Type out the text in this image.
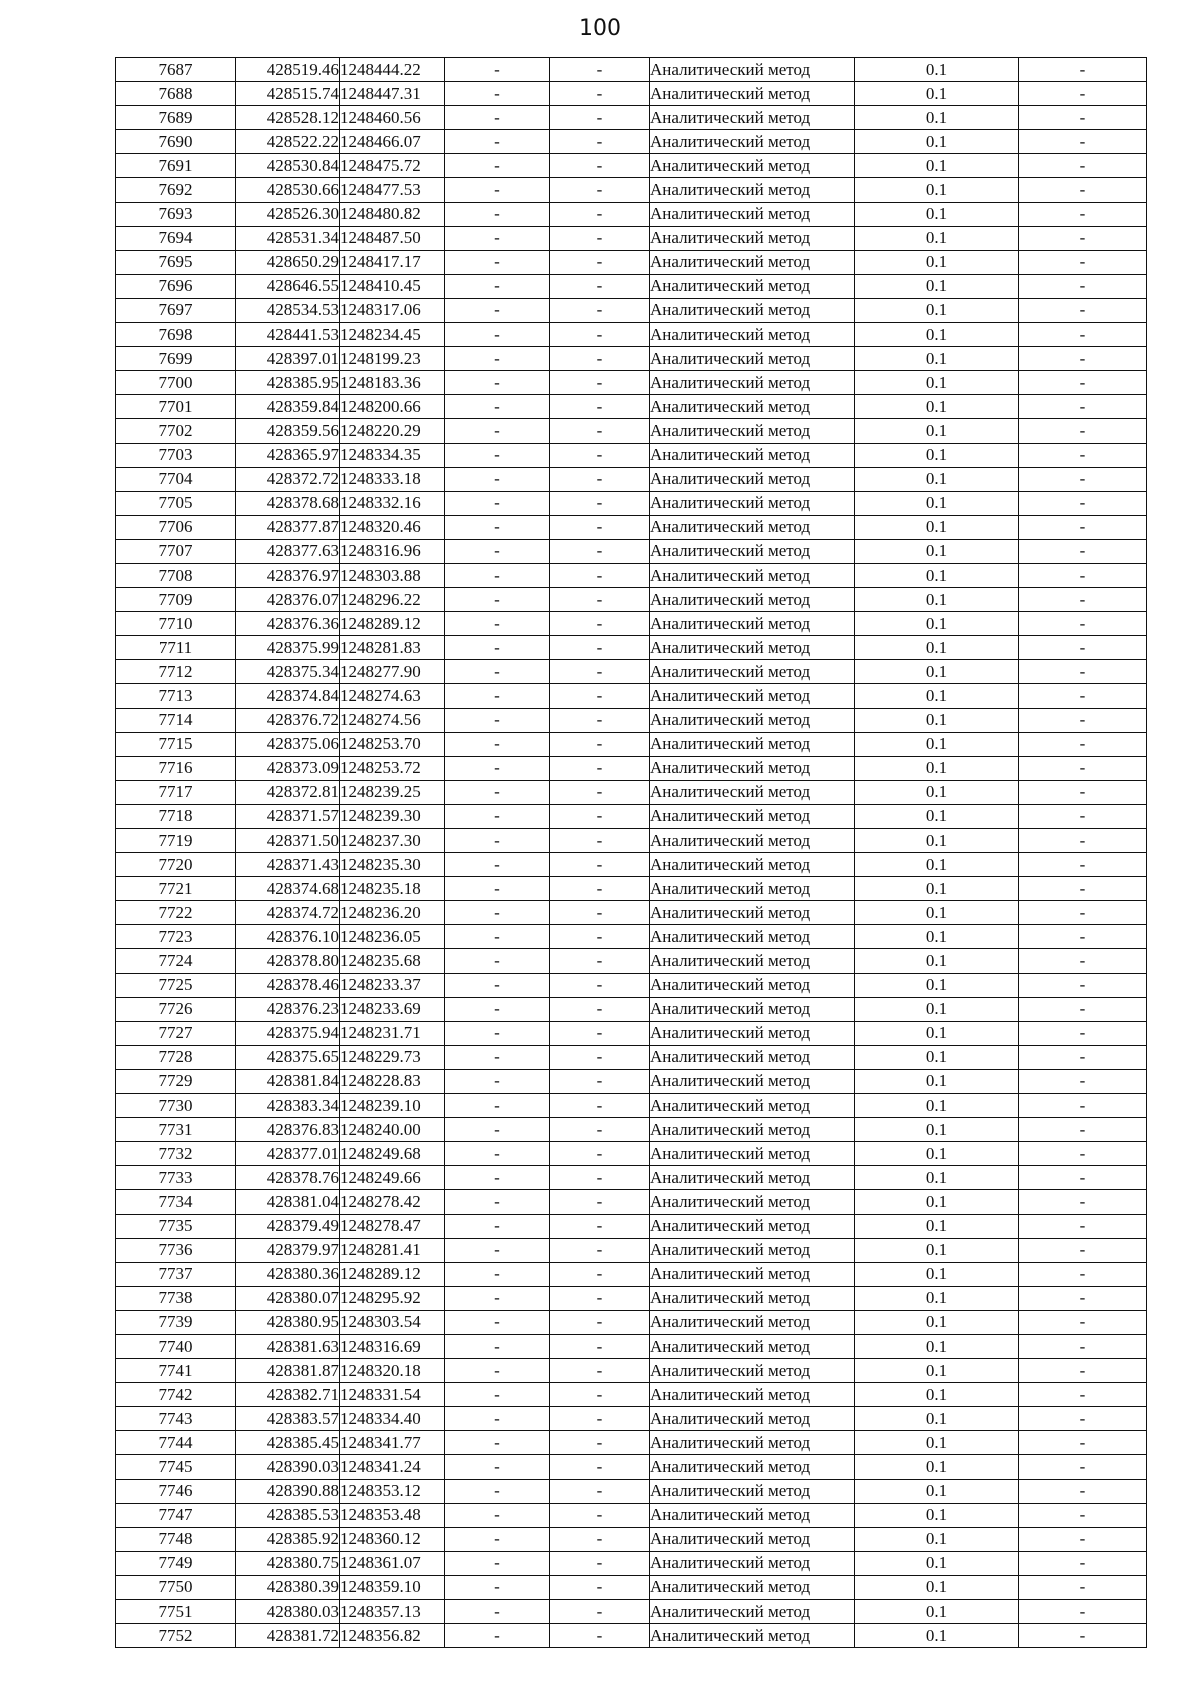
100
7687	428519.46	1248444.22	-	-	Аналитический метод	0.1	-
7688	428515.74	1248447.31	-	-	Аналитический метод	0.1	-
7689	428528.12	1248460.56	-	-	Аналитический метод	0.1	-
7690	428522.22	1248466.07	-	-	Аналитический метод	0.1	-
7691	428530.84	1248475.72	-	-	Аналитический метод	0.1	-
7692	428530.66	1248477.53	-	-	Аналитический метод	0.1	-
7693	428526.30	1248480.82	-	-	Аналитический метод	0.1	-
7694	428531.34	1248487.50	-	-	Аналитический метод	0.1	-
7695	428650.29	1248417.17	-	-	Аналитический метод	0.1	-
7696	428646.55	1248410.45	-	-	Аналитический метод	0.1	-
7697	428534.53	1248317.06	-	-	Аналитический метод	0.1	-
7698	428441.53	1248234.45	-	-	Аналитический метод	0.1	-
7699	428397.01	1248199.23	-	-	Аналитический метод	0.1	-
7700	428385.95	1248183.36	-	-	Аналитический метод	0.1	-
7701	428359.84	1248200.66	-	-	Аналитический метод	0.1	-
7702	428359.56	1248220.29	-	-	Аналитический метод	0.1	-
7703	428365.97	1248334.35	-	-	Аналитический метод	0.1	-
7704	428372.72	1248333.18	-	-	Аналитический метод	0.1	-
7705	428378.68	1248332.16	-	-	Аналитический метод	0.1	-
7706	428377.87	1248320.46	-	-	Аналитический метод	0.1	-
7707	428377.63	1248316.96	-	-	Аналитический метод	0.1	-
7708	428376.97	1248303.88	-	-	Аналитический метод	0.1	-
7709	428376.07	1248296.22	-	-	Аналитический метод	0.1	-
7710	428376.36	1248289.12	-	-	Аналитический метод	0.1	-
7711	428375.99	1248281.83	-	-	Аналитический метод	0.1	-
7712	428375.34	1248277.90	-	-	Аналитический метод	0.1	-
7713	428374.84	1248274.63	-	-	Аналитический метод	0.1	-
7714	428376.72	1248274.56	-	-	Аналитический метод	0.1	-
7715	428375.06	1248253.70	-	-	Аналитический метод	0.1	-
7716	428373.09	1248253.72	-	-	Аналитический метод	0.1	-
7717	428372.81	1248239.25	-	-	Аналитический метод	0.1	-
7718	428371.57	1248239.30	-	-	Аналитический метод	0.1	-
7719	428371.50	1248237.30	-	-	Аналитический метод	0.1	-
7720	428371.43	1248235.30	-	-	Аналитический метод	0.1	-
7721	428374.68	1248235.18	-	-	Аналитический метод	0.1	-
7722	428374.72	1248236.20	-	-	Аналитический метод	0.1	-
7723	428376.10	1248236.05	-	-	Аналитический метод	0.1	-
7724	428378.80	1248235.68	-	-	Аналитический метод	0.1	-
7725	428378.46	1248233.37	-	-	Аналитический метод	0.1	-
7726	428376.23	1248233.69	-	-	Аналитический метод	0.1	-
7727	428375.94	1248231.71	-	-	Аналитический метод	0.1	-
7728	428375.65	1248229.73	-	-	Аналитический метод	0.1	-
7729	428381.84	1248228.83	-	-	Аналитический метод	0.1	-
7730	428383.34	1248239.10	-	-	Аналитический метод	0.1	-
7731	428376.83	1248240.00	-	-	Аналитический метод	0.1	-
7732	428377.01	1248249.68	-	-	Аналитический метод	0.1	-
7733	428378.76	1248249.66	-	-	Аналитический метод	0.1	-
7734	428381.04	1248278.42	-	-	Аналитический метод	0.1	-
7735	428379.49	1248278.47	-	-	Аналитический метод	0.1	-
7736	428379.97	1248281.41	-	-	Аналитический метод	0.1	-
7737	428380.36	1248289.12	-	-	Аналитический метод	0.1	-
7738	428380.07	1248295.92	-	-	Аналитический метод	0.1	-
7739	428380.95	1248303.54	-	-	Аналитический метод	0.1	-
7740	428381.63	1248316.69	-	-	Аналитический метод	0.1	-
7741	428381.87	1248320.18	-	-	Аналитический метод	0.1	-
7742	428382.71	1248331.54	-	-	Аналитический метод	0.1	-
7743	428383.57	1248334.40	-	-	Аналитический метод	0.1	-
7744	428385.45	1248341.77	-	-	Аналитический метод	0.1	-
7745	428390.03	1248341.24	-	-	Аналитический метод	0.1	-
7746	428390.88	1248353.12	-	-	Аналитический метод	0.1	-
7747	428385.53	1248353.48	-	-	Аналитический метод	0.1	-
7748	428385.92	1248360.12	-	-	Аналитический метод	0.1	-
7749	428380.75	1248361.07	-	-	Аналитический метод	0.1	-
7750	428380.39	1248359.10	-	-	Аналитический метод	0.1	-
7751	428380.03	1248357.13	-	-	Аналитический метод	0.1	-
7752	428381.72	1248356.82	-	-	Аналитический метод	0.1	-
